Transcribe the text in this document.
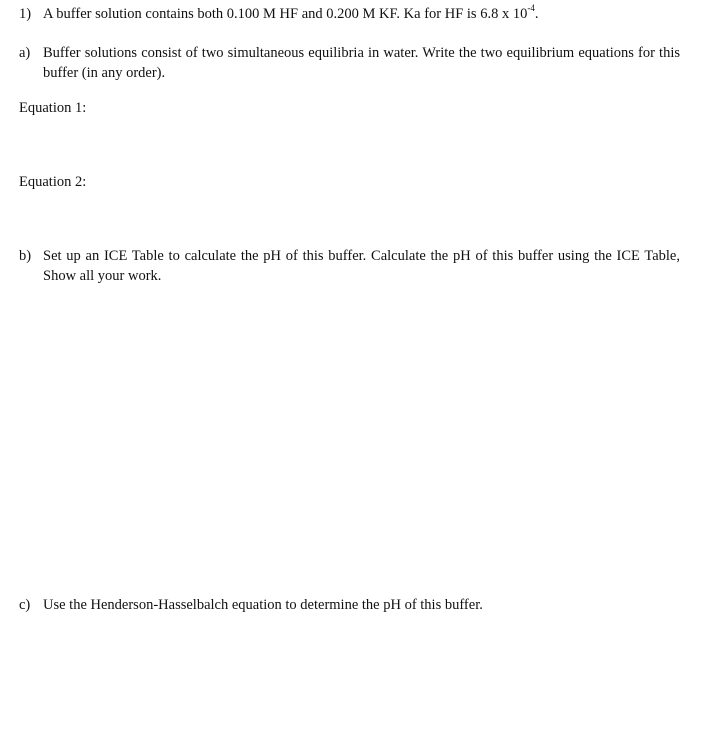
1) A buffer solution contains both 0.100 M HF and 0.200 M KF. Ka for HF is 6.8 x $10^{-4}$.
a) Buffer solutions consist of two simultaneous equilibria in water. Write the two equilibrium equations for this buffer (in any order).
Equation 1:
Equation 2:
b) Set up an ICE Table to calculate the pH of this buffer. Calculate the pH of this buffer using the ICE Table, Show all your work.
c) Use the Henderson-Hasselbalch equation to determine the pH of this buffer.
